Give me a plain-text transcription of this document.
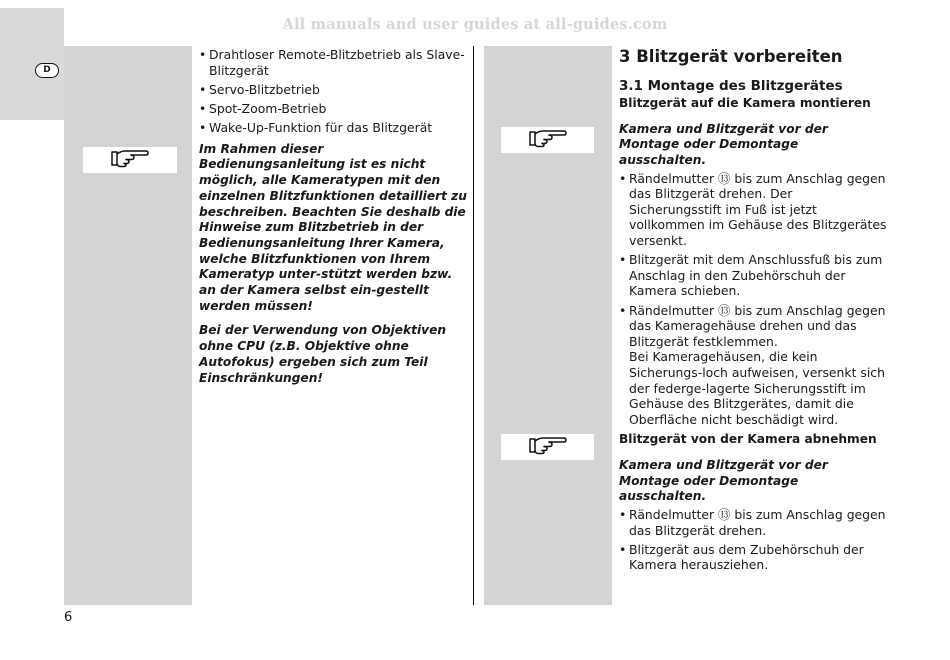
All manuals and user guides at all-guides.com
D
• Drahtloser Remote-Blitzbetrieb als Slave-Blitzgerät
• Servo-Blitzbetrieb
• Spot-Zoom-Betrieb
• Wake-Up-Funktion für das Blitzgerät

Im Rahmen dieser Bedienungsanleitung ist es nicht möglich, alle Kameratypen mit den einzelnen Blitzfunktionen detailliert zu beschreiben. Beachten Sie deshalb die Hinweise zum Blitzbetrieb in der Bedienungsanleitung Ihrer Kamera, welche Blitzfunktionen von Ihrem Kameratyp unter-stützt werden bzw. an der Kamera selbst ein-gestellt werden müssen!

Bei der Verwendung von Objektiven ohne CPU (z.B. Objektive ohne Autofokus) ergeben sich zum Teil Einschränkungen!

3 Blitzgerät vorbereiten
3.1 Montage des Blitzgerätes
Blitzgerät auf die Kamera montieren

Kamera und Blitzgerät vor der Montage oder Demontage ausschalten.

• Rändelmutter ⑬ bis zum Anschlag gegen das Blitzgerät drehen. Der Sicherungsstift im Fuß ist jetzt vollkommen im Gehäuse des Blitzgerätes versenkt.
• Blitzgerät mit dem Anschlussfuß bis zum Anschlag in den Zubehörschuh der Kamera schieben.
• Rändelmutter ⑬ bis zum Anschlag gegen das Kameragehäuse drehen und das Blitzgerät festklemmen.
Bei Kameragehäusen, die kein Sicherungs-loch aufweisen, versenkt sich der federge-lagerte Sicherungsstift im Gehäuse des Blitzgerätes, damit die Oberfläche nicht beschädigt wird.
Blitzgerät von der Kamera abnehmen

Kamera und Blitzgerät vor der Montage oder Demontage ausschalten.

• Rändelmutter ⑬ bis zum Anschlag gegen das Blitzgerät drehen.
• Blitzgerät aus dem Zubehörschuh der Kamera herausziehen.
6
